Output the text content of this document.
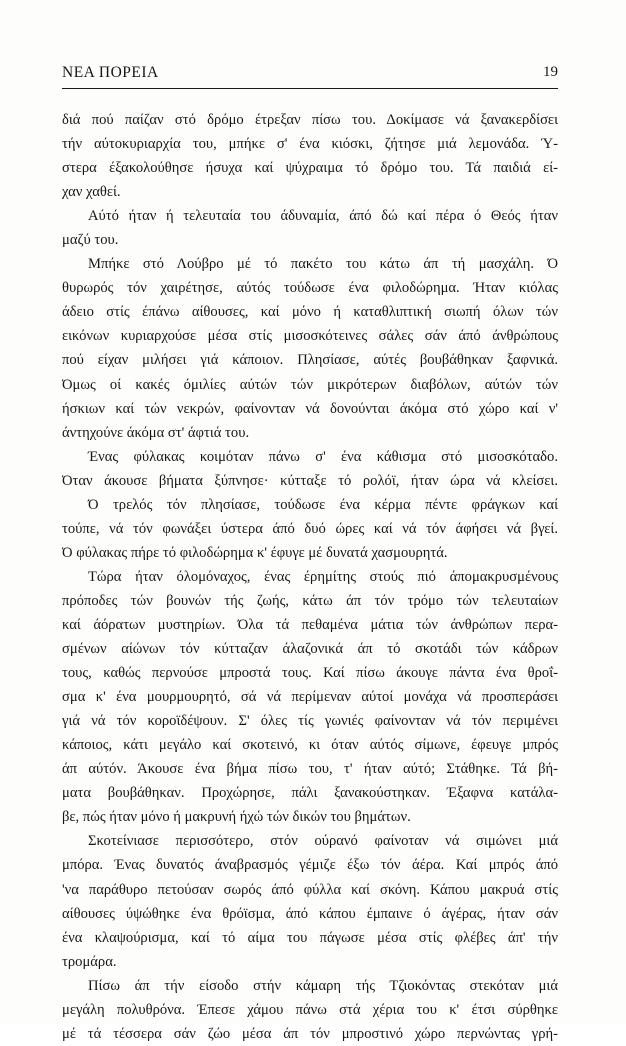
ΝΕΑ ΠΟΡΕΙΑ	19
διά πού παίζαν στό δρόμο έτρεξαν πίσω του. Δοκίμασε νά ξανακερδίσει
τήν αύτοκυριαρχία του, μπήκε σ' ένα κιόσκι, ζήτησε μιά λεμονάδα. Ύ-
στερα έξακολούθησε ήσυχα καί ψύχραιμα τό δρόμο του. Τά παιδιά εί-
χαν χαθεί.
Αύτό ήταν ή τελευταία του άδυναμία, άπό δώ καί πέρα ό Θεός ήταν
μαζύ του.
Μπήκε στό Λούβρο μέ τό πακέτο του κάτω άπ τή μασχάλη. Ό
θυρωρός τόν χαιρέτησε, αύτός τούδωσε ένα φιλοδώρημα. Ήταν κιόλας
άδειο στίς έπάνω αίθουσες, καί μόνο ή καταθλιπτική σιωπή όλων τών
εικόνων κυριαρχούσε μέσα στίς μισοσκότεινες σάλες σάν άπό άνθρώπους
πού είχαν μιλήσει γιά κάποιον. Πλησίασε, αύτές βουβάθηκαν ξαφνικά.
Όμως οί κακές όμιλίες αύτών τών μικρότερων διαβόλων, αύτών τών
ήσκιων καί τών νεκρών, φαίνονταν νά δονούνται άκόμα στό χώρο καί ν'
άντηχούνε άκόμα στ' άφτιά του.
Ένας φύλακας κοιμόταν πάνω σ' ένα κάθισμα στό μισοσκόταδο.
Όταν άκουσε βήματα ξύπνησε· κύτταξε τό ρολόϊ, ήταν ώρα νά κλείσει.
Ό τρελός τόν πλησίασε, τούδωσε ένα κέρμα πέντε φράγκων καί
τούπε, νά τόν φωνάξει ύστερα άπό δυό ώρες καί νά τόν άφήσει νά βγεί.
Ό φύλακας πήρε τό φιλοδώρημα κ' έφυγε μέ δυνατά χασμουρητά.
Τώρα ήταν όλομόναχος, ένας έρημίτης στούς πιό άπομακρυσμένους
πρόποδες τών βουνών τής ζωής, κάτω άπ τόν τρόμο τών τελευταίων
καί άόρατων μυστηρίων. Όλα τά πεθαμένα μάτια τών άνθρώπων περα-
σμένων αίώνων τόν κύτταζαν άλαζονικά άπ τό σκοτάδι τών κάδρων
τους, καθώς περνούσε μπροστά τους. Καί πίσω άκουγε πάντα ένα θροΐ-
σμα κ' ένα μουρμουρητό, σά νά περίμεναν αύτοί μονάχα νά προσπεράσει
γιά νά τόν κοροϊδέψουν. Σ' όλες τίς γωνιές φαίνονταν νά τόν περιμένει
κάποιος, κάτι μεγάλο καί σκοτεινό, κι όταν αύτός σίμωνε, έφευγε μπρός
άπ αύτόν. Άκουσε ένα βήμα πίσω του, τ' ήταν αύτό; Στάθηκε. Τά βή-
ματα βουβάθηκαν. Προχώρησε, πάλι ξανακούστηκαν. Έξαφνα κατάλα-
βε, πώς ήταν μόνο ή μακρυνή ήχώ τών δικών του βημάτων.
Σκοτείνιασε περισσότερο, στόν ούρανό φαίνοταν νά σιμώνει μιά
μπόρα. Ένας δυνατός άναβρασμός γέμιζε έξω τόν άέρα. Καί μπρός άπό
'να παράθυρο πετούσαν σωρός άπό φύλλα καί σκόνη. Κάπου μακρυά στίς
αίθουσες ύψώθηκε ένα θρόϊσμα, άπό κάπου έμπαινε ό άγέρας, ήταν σάν
ένα κλαψούρισμα, καί τό αίμα του πάγωσε μέσα στίς φλέβες άπ' τήν
τρομάρα.
Πίσω άπ τήν είσοδο στήν κάμαρη τής Τζιοκόντας στεκόταν μιά
μεγάλη πολυθρόνα. Έπεσε χάμου πάνω στά χέρια του κ' έτσι σύρθηκε
μέ τά τέσσερα σάν ζώο μέσα άπ τόν μπροστινό χώρο περνώντας γρή-
